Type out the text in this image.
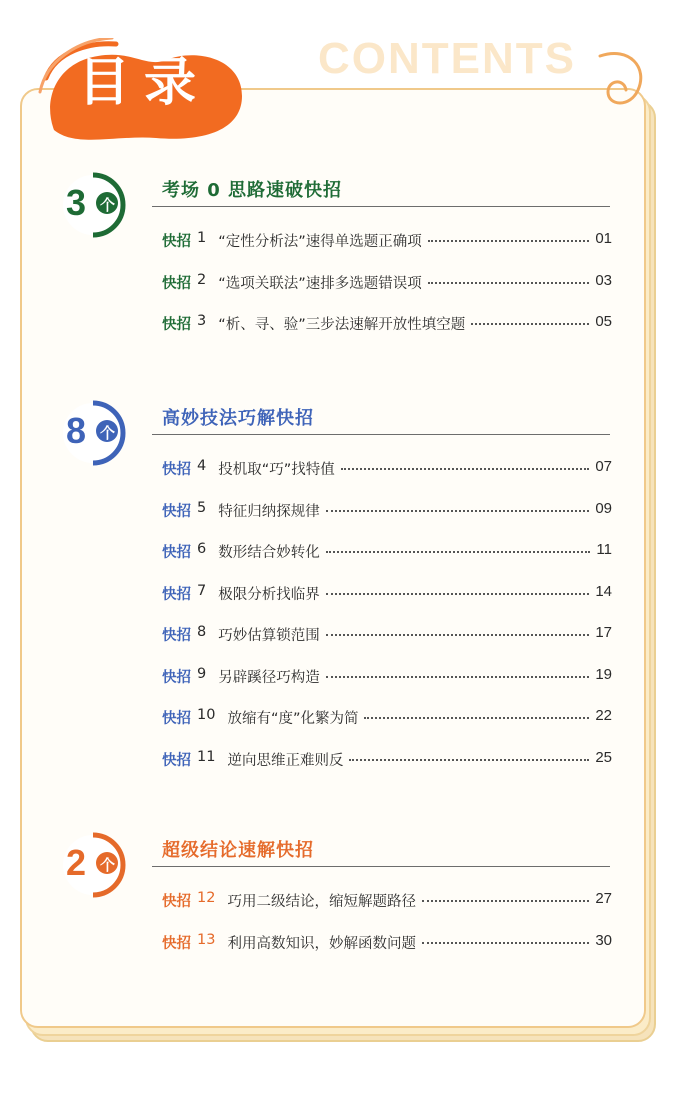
目录	CONTENTS
3 个
考场 0 思路速破快招
快招 1 “定性分析法”速得单选题正确项	01
快招 2 “选项关联法”速排多选题错误项	03
快招 3 “析、寻、验”三步法速解开放性填空题	05
8 个
高妙技法巧解快招
快招 4 投机取“巧”找特值	07
快招 5 特征归纳探规律	09
快招 6 数形结合妙转化	11
快招 7 极限分析找临界	14
快招 8 巧妙估算锁范围	17
快招 9 另辟蹊径巧构造	19
快招 10 放缩有“度”化繁为简	22
快招 11 逆向思维正难则反	25
2 个
超级结论速解快招
快招 12 巧用二级结论，缩短解题路径	27
快招 13 利用高数知识，妙解函数问题	30
